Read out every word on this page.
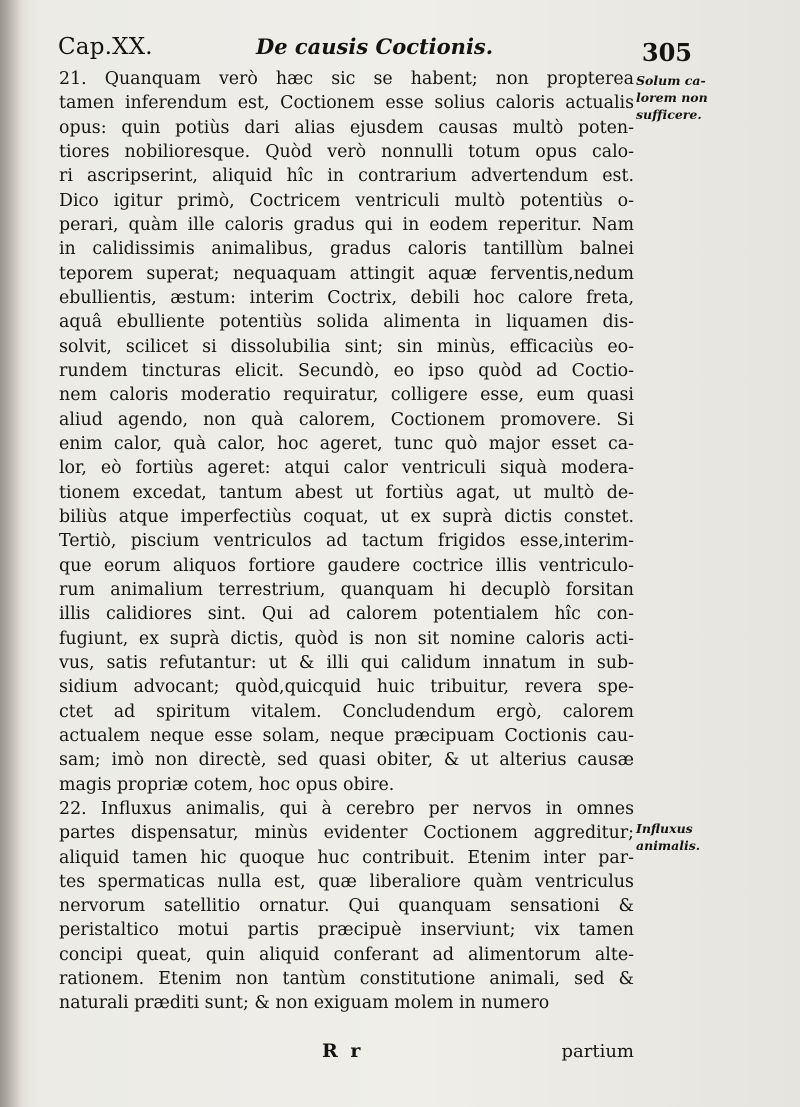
Cap.XX.	De causis Coctionis.	305
Solum ca-
lorem non
sufficere.
Influxus
animalis.
21. Quanquam verò hæc sic se habent; non propterea
tamen inferendum est, Coctionem esse solius caloris actualis
opus: quin potiùs dari alias ejusdem causas multò poten-
tiores nobilioresque. Quòd verò nonnulli totum opus calo-
ri ascripserint, aliquid hîc in contrarium advertendum est.
Dico igitur primò, Coctricem ventriculi multò potentiùs o-
perari, quàm ille caloris gradus qui in eodem reperitur. Nam
in calidissimis animalibus, gradus caloris tantillùm balnei
teporem superat; nequaquam attingit aquæ ferventis,nedum
ebullientis, æstum: interim Coctrix, debili hoc calore freta,
aquâ ebulliente potentiùs solida alimenta in liquamen dis-
solvit, scilicet si dissolubilia sint; sin minùs, efficaciùs eo-
rundem tincturas elicit. Secundò, eo ipso quòd ad Coctio-
nem caloris moderatio requiratur, colligere esse, eum quasi
aliud agendo, non quà calorem, Coctionem promovere. Si
enim calor, quà calor, hoc ageret, tunc quò major esset ca-
lor, eò fortiùs ageret: atqui calor ventriculi siquà modera-
tionem excedat, tantum abest ut fortiùs agat, ut multò de-
biliùs atque imperfectiùs coquat, ut ex suprà dictis constet.
Tertiò, piscium ventriculos ad tactum frigidos esse,interim-
que eorum aliquos fortiore gaudere coctrice illis ventriculo-
rum animalium terrestrium, quanquam hi decuplò forsitan
illis calidiores sint. Qui ad calorem potentialem hîc con-
fugiunt, ex suprà dictis, quòd is non sit nomine caloris acti-
vus, satis refutantur: ut & illi qui calidum innatum in sub-
sidium advocant; quòd,quicquid huic tribuitur, revera spe-
ctet ad spiritum vitalem. Concludendum ergò, calorem
actualem neque esse solam, neque præcipuam Coctionis cau-
sam; imò non directè, sed quasi obiter, & ut alterius causæ
magis propriæ cotem, hoc opus obire.
22. Influxus animalis, qui à cerebro per nervos in omnes
partes dispensatur, minùs evidenter Coctionem aggreditur;
aliquid tamen hic quoque huc contribuit. Etenim inter par-
tes spermaticas nulla est, quæ liberaliore quàm ventriculus
nervorum satellitio ornatur. Qui quanquam sensationi &
peristaltico motui partis præcipuè inserviunt; vix tamen
concipi queat, quin aliquid conferant ad alimentorum alte-
rationem. Etenim non tantùm constitutione animali, sed &
naturali præditi sunt; & non exiguam molem in numero
R r	partium
